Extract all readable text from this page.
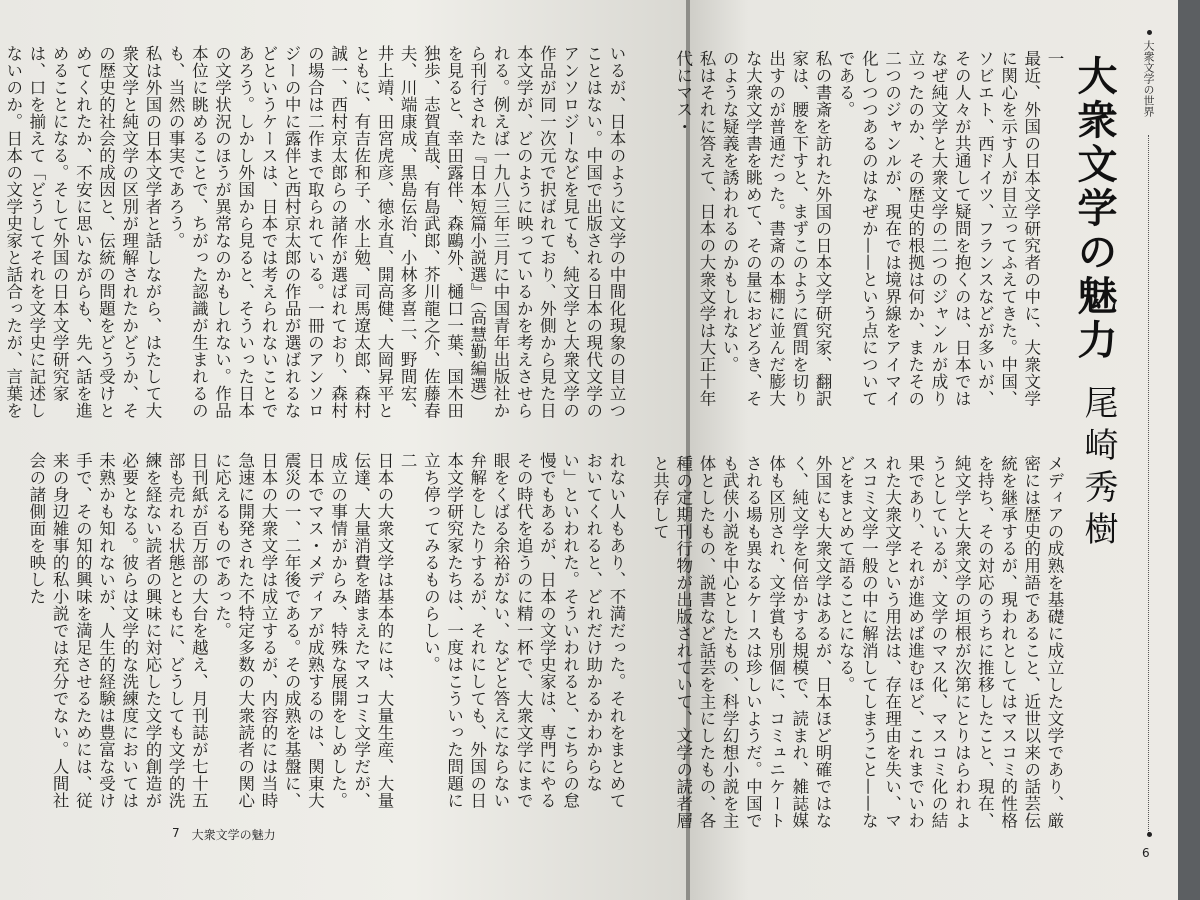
いるが、日本のように文学の中間化現象の目立つことはない。中国で出版される日本の現代文学のアンソロジーなどを見ても、純文学と大衆文学の作品が同一次元で択ばれており、外側から見た日本文学が、どのように映っているかを考えさせられる。例えば一九八三年三月に中国青年出版社から刊行された『日本短篇小説選』（高慧勤編選）を見ると、幸田露伴、森鷗外、樋口一葉、国木田独歩、志賀直哉、有島武郎、芥川龍之介、佐藤春夫、川端康成、黒島伝治、小林多喜二、野間宏、井上靖、田宮虎彦、徳永直、開高健、大岡昇平とともに、有吉佐和子、水上勉、司馬遼太郎、森村誠一、西村京太郎らの諸作が選ばれており、森村の場合は二作まで取られている。一冊のアンソロジーの中に露伴と西村京太郎の作品が選ばれるなどというケースは、日本では考えられないことであろう。しかし外国から見ると、そういった日本の文学状況のほうが異常なのかもしれない。作品本位に眺めることで、ちがった認識が生まれるのも、当然の事実であろう。
私は外国の日本文学者と話しながら、はたして大衆文学と純文学の区別が理解されたかどうか、その歴史的社会的成因と、伝統の問題をどう受けとめてくれたか、不安に思いながらも、先へ話を進めることになる。そして外国の日本文学研究家は、口を揃えて「どうしてそれを文学史に記述しないのか。日本の文学史家と話合ったが、言葉を
れない人もあり、不満だった。それをまとめておいてくれると、どれだけ助かるかわからない」といわれた。そういわれると、こちらの怠慢でもあるが、日本の文学史家は、専門にやるその時代を追うのに精一杯で、大衆文学にまで眼をくばる余裕がない、などと答えにならない弁解をしたりするが、それにしても、外国の日本文学研究家たちは、一度はこういった問題に立ち停ってみるものらしい。
二
日本の大衆文学は基本的には、大量生産、大量伝達、大量消費を踏まえたマスコミ文学だが、成立の事情がからみ、特殊な展開をしめした。
日本でマス・メディアが成熟するのは、関東大震災の一、二年後である。その成熟を基盤に、日本の大衆文学は成立するが、内容的には当時急速に開発された不特定多数の大衆読者の関心に応えるものであった。
日刊紙が百万部の大台を越え、月刊誌が七十五部も売れる状態とともに、どうしても文学的洗練を経ない読者の興味に対応した文学的創造が必要となる。彼らは文学的な洗練度においては未熟かも知れないが、人生的経験は豊富な受け手で、その知的興味を満足させるためには、従来の身辺雑事的私小説では充分でない。人間社会の諸側面を映した
7 大衆文学の魅力
大衆文学の世界
大衆文学の魅力
尾崎秀樹
一
最近、外国の日本文学研究者の中に、大衆文学に関心を示す人が目立ってふえてきた。中国、ソビエト、西ドイツ、フランスなどが多いが、その人々が共通して疑問を抱くのは、日本ではなぜ純文学と大衆文学の二つのジャンルが成り立ったのか、その歴史的根拠は何か、またその二つのジャンルが、現在では境界線をアイマイ化しつつあるのはなぜか——という点についてである。
私の書斎を訪れた外国の日本文学研究家、翻訳家は、腰を下すと、まずこのように質問を切り出すのが普通だった。書斎の本棚に並んだ膨大な大衆文学書を眺めて、その量におどろき、そのような疑義を誘われるのかもしれない。
私はそれに答えて、日本の大衆文学は大正十年代にマス・
メディアの成熟を基礎に成立した文学であり、厳密には歴史的用語であること、近世以来の話芸伝統を継承するが、現われとしてはマスコミ的性格を持ち、その対応のうちに推移したこと、現在、純文学と大衆文学の垣根が次第にとりはらわれようとしているが、文学のマス化、マスコミ化の結果であり、それが進めば進むほど、これまでいわれた大衆文学という用法は、存在理由を失い、マスコミ文学一般の中に解消してしまうこと——などをまとめて語ることになる。
外国にも大衆文学はあるが、日本ほど明確ではなく、純文学を何倍かする規模で、読まれ、雑誌媒体も区別され、文学賞も別個に、コミュニケートされる場も異なるケースは珍しいようだ。中国でも武侠小説を中心としたもの、科学幻想小説を主体としたもの、説書など話芸を主にしたもの、各種の定期刊行物が出版されていて、文学の読者層と共存して
6
